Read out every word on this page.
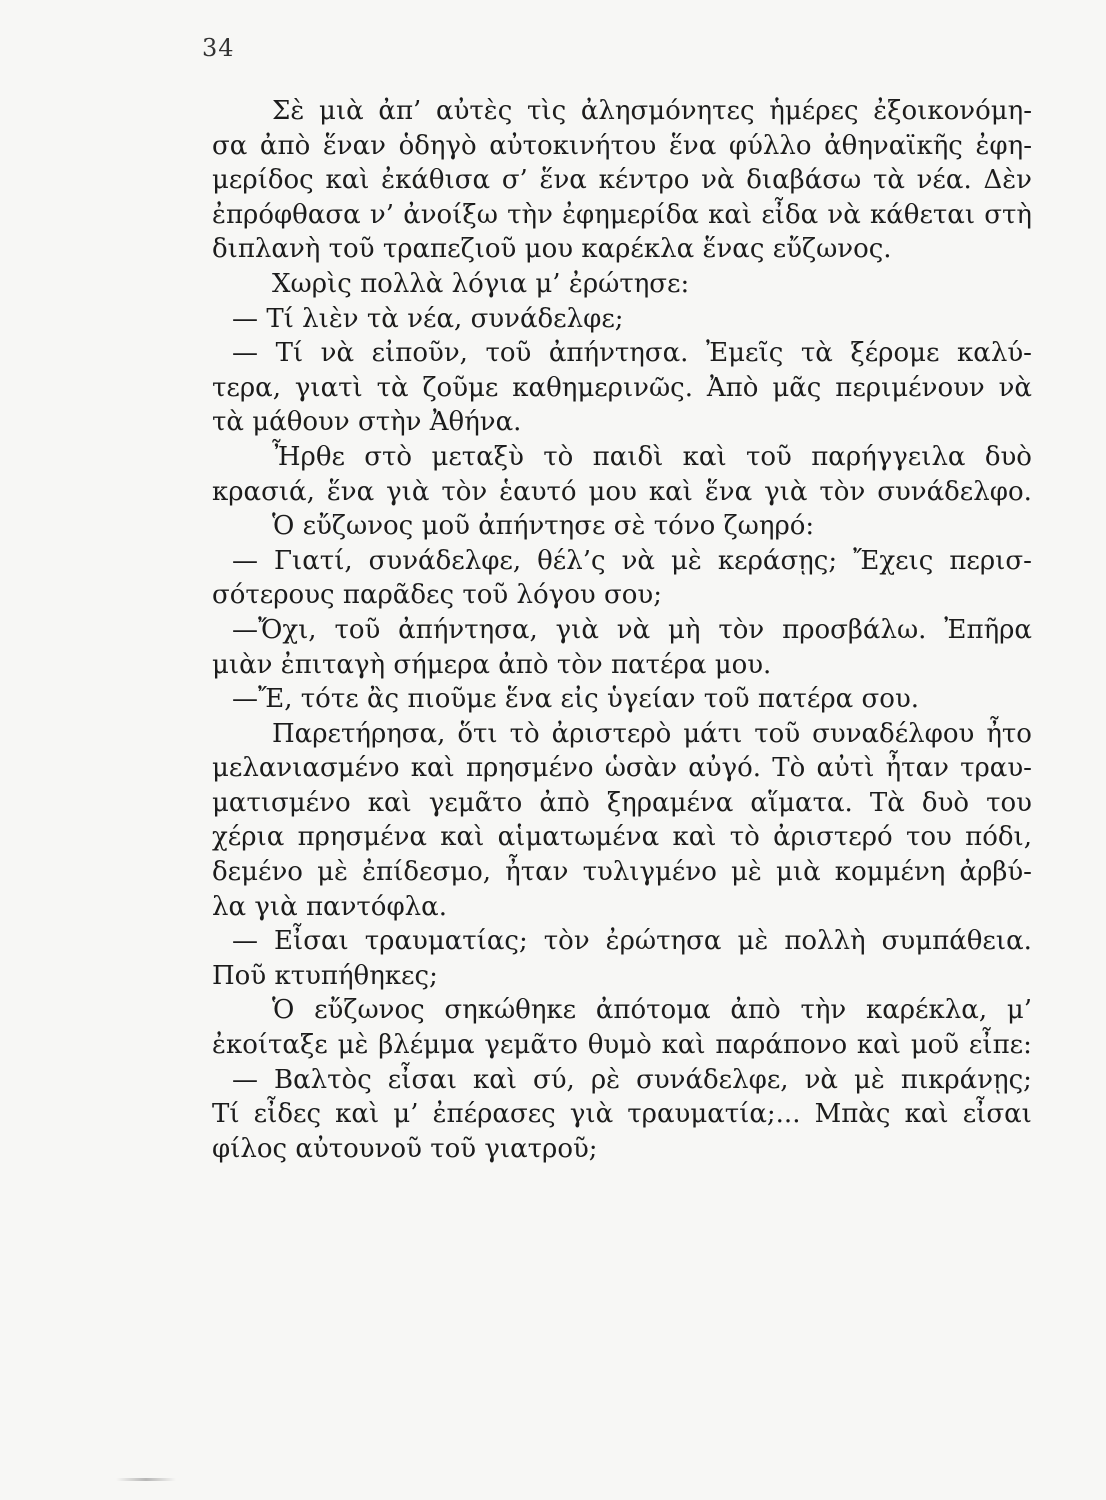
34
Σὲ μιὰ ἀπ’ αὐτὲς τὶς ἀλησμόνητες ἡμέρες ἐξοικονόμη-
σα ἀπὸ ἕναν ὁδηγὸ αὐτοκινήτου ἕνα φύλλο ἀθηναϊκῆς ἐφη-
μερίδος καὶ ἐκάθισα σ’ ἕνα κέντρο νὰ διαβάσω τὰ νέα. Δὲν
ἐπρόφθασα ν’ ἀνοίξω τὴν ἐφημερίδα καὶ εἶδα νὰ κάθεται στὴ
διπλανὴ τοῦ τραπεζιοῦ μου καρέκλα ἕνας εὔζωνος.
Χωρὶς πολλὰ λόγια μ’ ἐρώτησε:
— Τί λιὲν τὰ νέα, συνάδελφε;
— Τί νὰ εἰποῦν, τοῦ ἀπήντησα. Ἐμεῖς τὰ ξέρομε καλύ-
τερα, γιατὶ τὰ ζοῦμε καθημερινῶς. Ἀπὸ μᾶς περιμένουν νὰ
τὰ μάθουν στὴν Ἀθήνα.
Ἦρθε στὸ μεταξὺ τὸ παιδὶ καὶ τοῦ παρήγγειλα δυὸ
κρασιά, ἕνα γιὰ τὸν ἑαυτό μου καὶ ἕνα γιὰ τὸν συνάδελφο.
Ὁ εὔζωνος μοῦ ἀπήντησε σὲ τόνο ζωηρό:
— Γιατί, συνάδελφε, θέλ’ς νὰ μὲ κεράσῃς; Ἔχεις περισ-
σότερους παρᾶδες τοῦ λόγου σου;
—Ὄχι, τοῦ ἀπήντησα, γιὰ νὰ μὴ τὸν προσβάλω. Ἐπῆρα
μιὰν ἐπιταγὴ σήμερα ἀπὸ τὸν πατέρα μου.
—Ἔ, τότε ἂς πιοῦμε ἕνα εἰς ὑγείαν τοῦ πατέρα σου.
Παρετήρησα, ὅτι τὸ ἀριστερὸ μάτι τοῦ συναδέλφου ἦτο
μελανιασμένο καὶ πρησμένο ὡσὰν αὐγό. Τὸ αὐτὶ ἦταν τραυ-
ματισμένο καὶ γεμᾶτο ἀπὸ ξηραμένα αἵματα. Τὰ δυὸ του
χέρια πρησμένα καὶ αἱματωμένα καὶ τὸ ἀριστερό του πόδι,
δεμένο μὲ ἐπίδεσμο, ἦταν τυλιγμένο μὲ μιὰ κομμένη ἀρβύ-
λα γιὰ παντόφλα.
— Εἶσαι τραυματίας; τὸν ἐρώτησα μὲ πολλὴ συμπάθεια.
Ποῦ κτυπήθηκες;
Ὁ εὔζωνος σηκώθηκε ἀπότομα ἀπὸ τὴν καρέκλα, μ’
ἐκοίταξε μὲ βλέμμα γεμᾶτο θυμὸ καὶ παράπονο καὶ μοῦ εἶπε:
— Βαλτὸς εἶσαι καὶ σύ, ρὲ συνάδελφε, νὰ μὲ πικράνῃς;
Τί εἶδες καὶ μ’ ἐπέρασες γιὰ τραυματία;... Μπὰς καὶ εἶσαι
φίλος αὐτουνοῦ τοῦ γιατροῦ;
